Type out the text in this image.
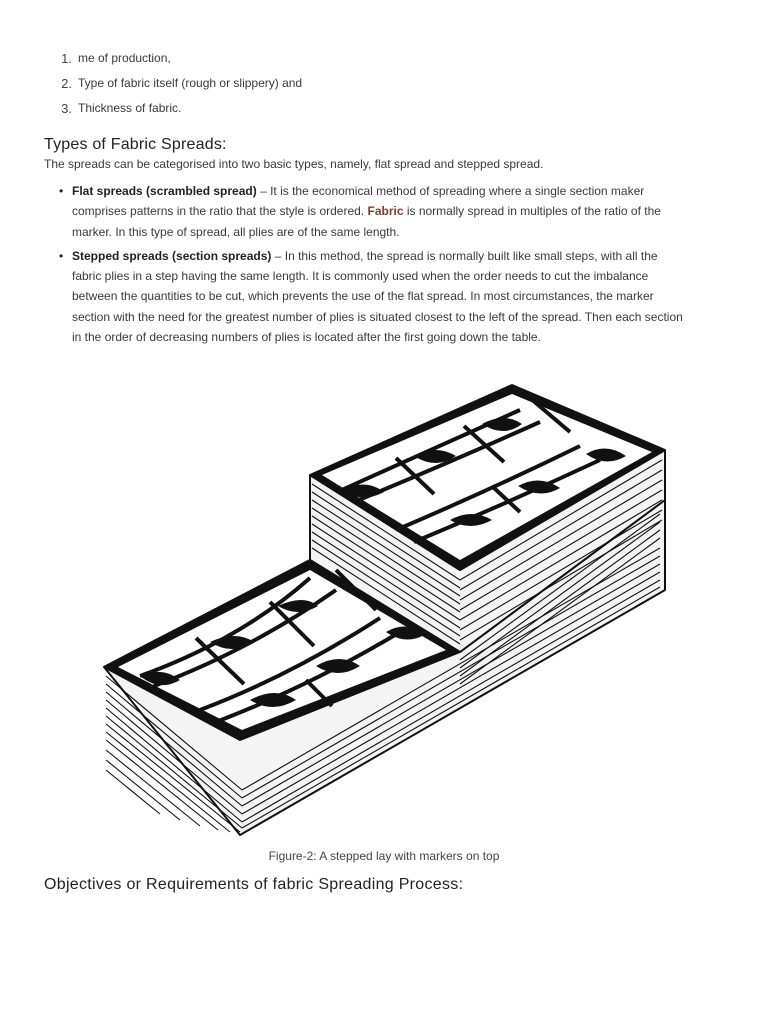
1. me of production,
2. Type of fabric itself (rough or slippery) and
3. Thickness of fabric.
Types of Fabric Spreads:

The spreads can be categorised into two basic types, namely, flat spread and stepped spread.

• Flat spreads (scrambled spread) – It is the economical method of spreading where a single section maker comprises patterns in the ratio that the style is ordered. Fabric is normally spread in multiples of the ratio of the marker. In this type of spread, all plies are of the same length.
• Stepped spreads (section spreads) – In this method, the spread is normally built like small steps, with all the fabric plies in a step having the same length. It is commonly used when the order needs to cut the imbalance between the quantities to be cut, which prevents the use of the flat spread. In most circumstances, the marker section with the need for the greatest number of plies is situated closest to the left of the spread. Then each section in the order of decreasing numbers of plies is located after the first going down the table.
Figure-2: A stepped lay with markers on top
Objectives or Requirements of fabric Spreading Process:
